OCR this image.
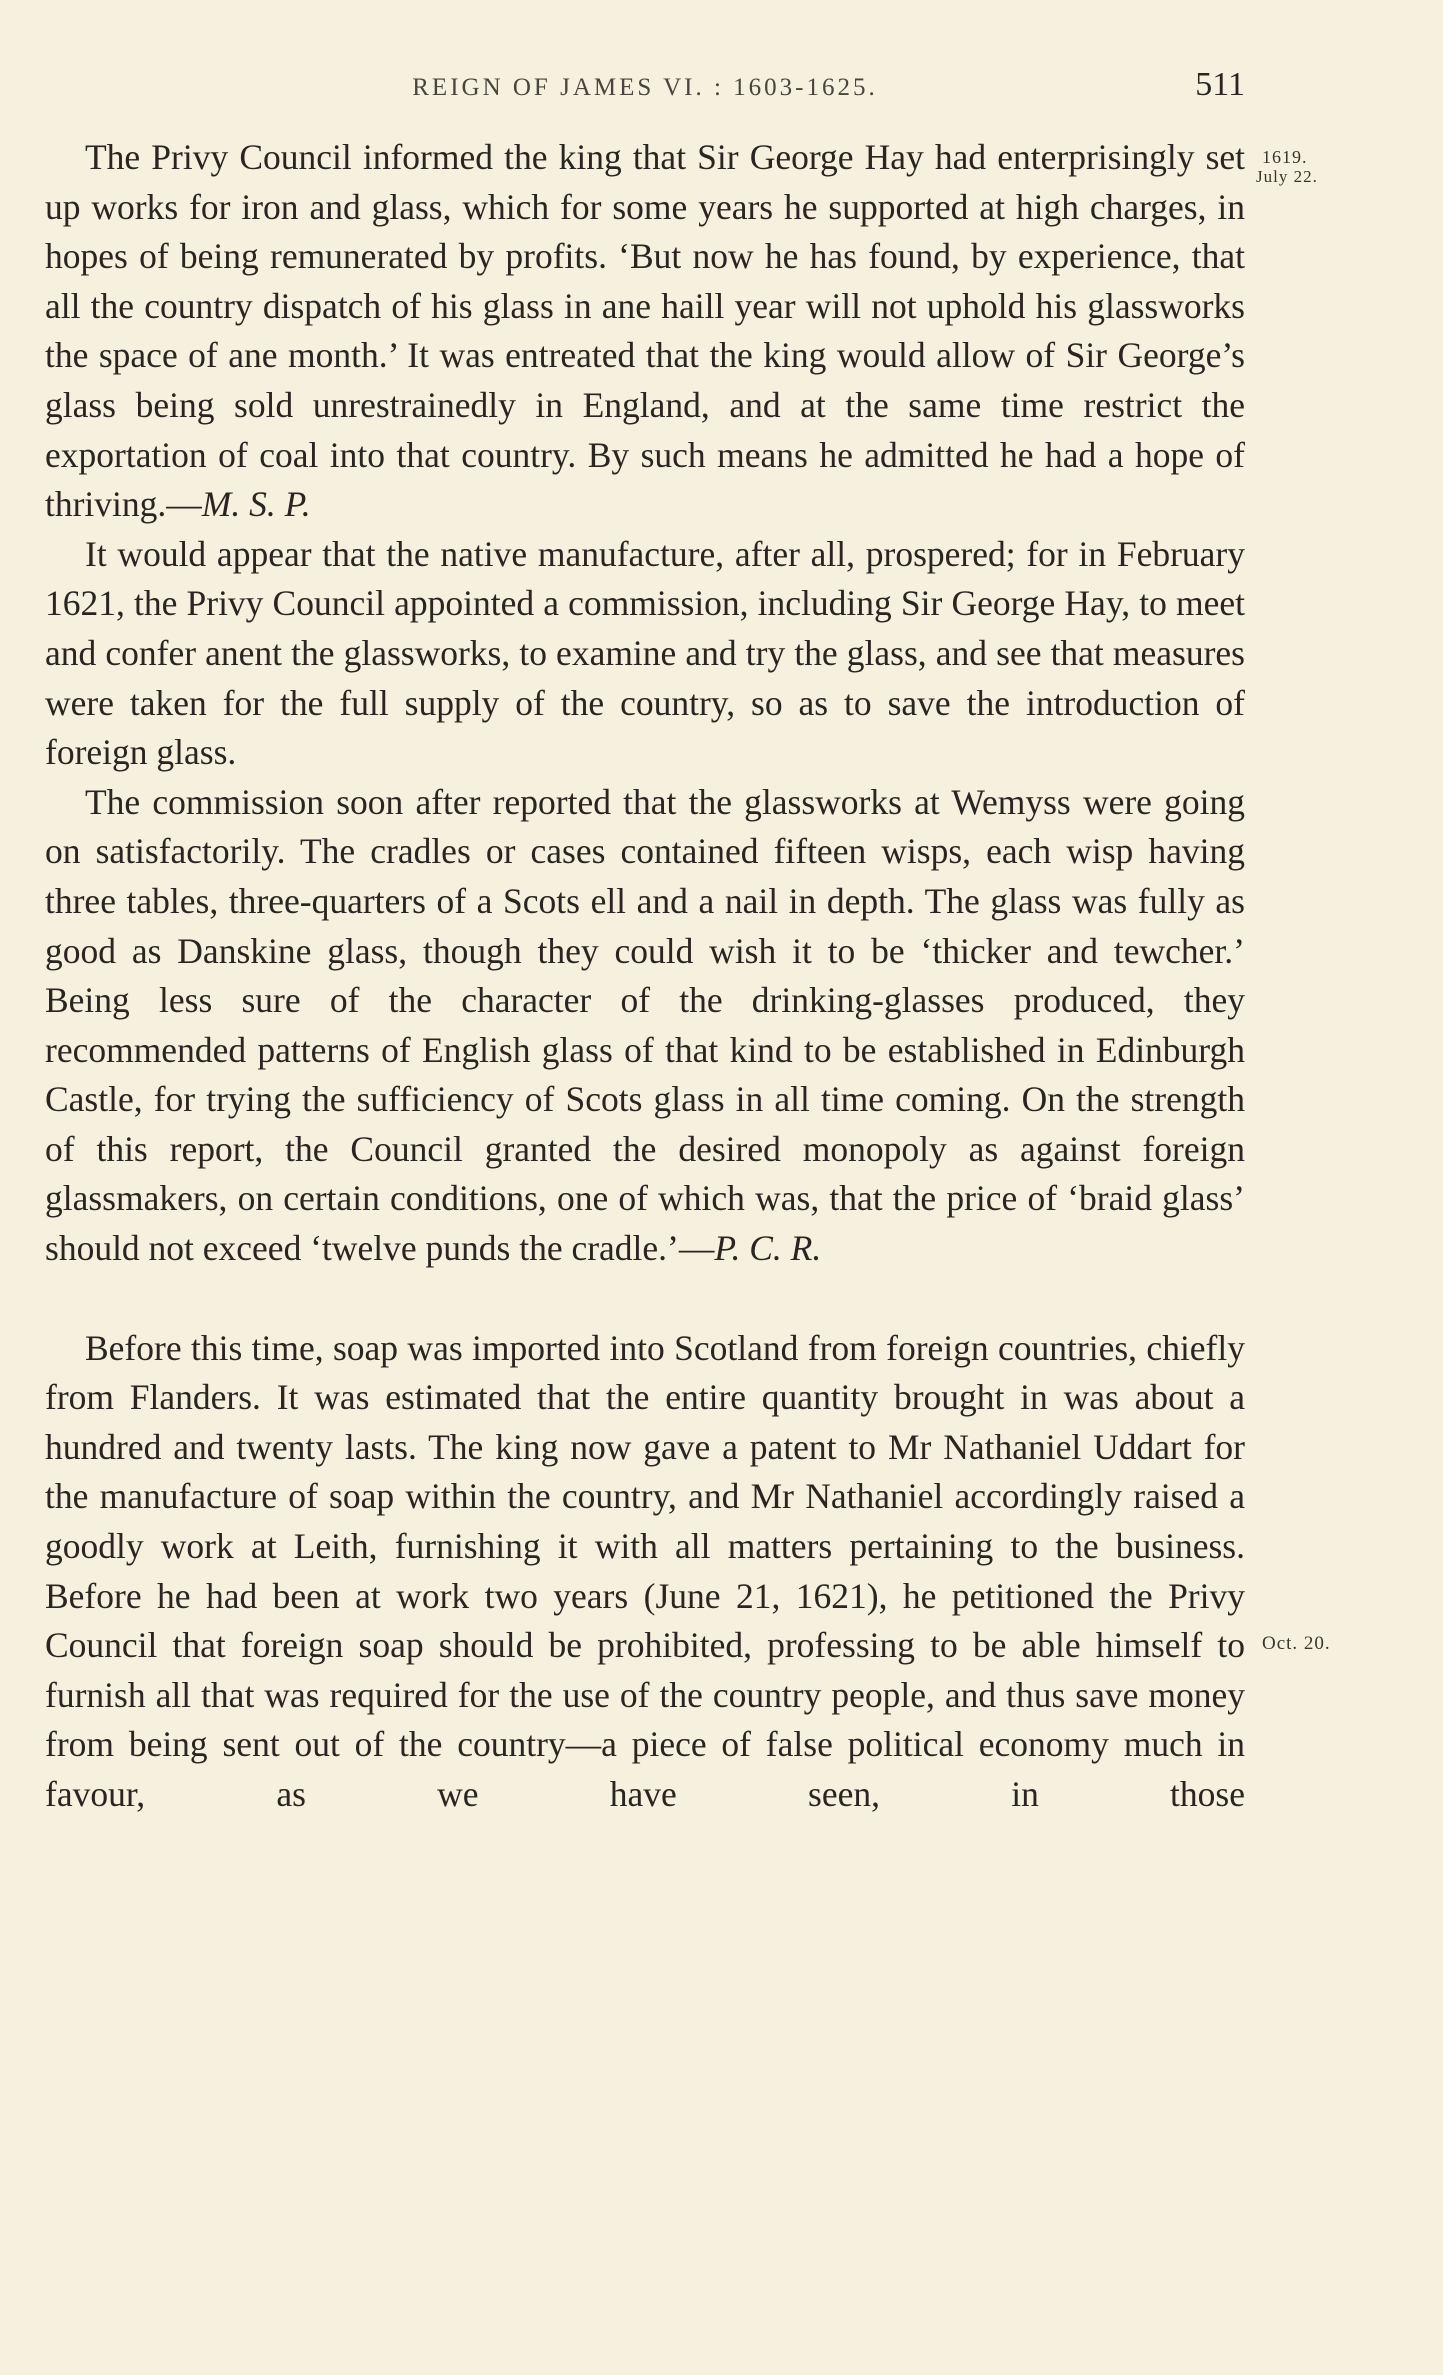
REIGN OF JAMES VI. : 1603-1625.	511
1619.
July 22.
Oct. 20.

The Privy Council informed the king that Sir George Hay had enterprisingly set up works for iron and glass, which for some years he supported at high charges, in hopes of being remunerated by profits. ‘But now he has found, by experience, that all the country dispatch of his glass in ane haill year will not uphold his glassworks the space of ane month.’ It was entreated that the king would allow of Sir George’s glass being sold unrestrainedly in England, and at the same time restrict the exportation of coal into that country. By such means he admitted he had a hope of thriving.—M. S. P.

It would appear that the native manufacture, after all, prospered; for in February 1621, the Privy Council appointed a commission, including Sir George Hay, to meet and confer anent the glassworks, to examine and try the glass, and see that measures were taken for the full supply of the country, so as to save the introduction of foreign glass.

The commission soon after reported that the glassworks at Wemyss were going on satisfactorily. The cradles or cases contained fifteen wisps, each wisp having three tables, three-quarters of a Scots ell and a nail in depth. The glass was fully as good as Danskine glass, though they could wish it to be ‘thicker and tewcher.’ Being less sure of the character of the drinking-glasses produced, they recommended patterns of English glass of that kind to be established in Edinburgh Castle, for trying the sufficiency of Scots glass in all time coming. On the strength of this report, the Council granted the desired monopoly as against foreign glassmakers, on certain conditions, one of which was, that the price of ‘braid glass’ should not exceed ‘twelve punds the cradle.’—P. C. R.

Before this time, soap was imported into Scotland from foreign countries, chiefly from Flanders. It was estimated that the entire quantity brought in was about a hundred and twenty lasts. The king now gave a patent to Mr Nathaniel Uddart for the manufacture of soap within the country, and Mr Nathaniel accordingly raised a goodly work at Leith, furnishing it with all matters pertaining to the business. Before he had been at work two years (June 21, 1621), he petitioned the Privy Council that foreign soap should be prohibited, professing to be able himself to furnish all that was required for the use of the country people, and thus save money from being sent out of the country—a piece of false political economy much in favour, as we have seen, in those
